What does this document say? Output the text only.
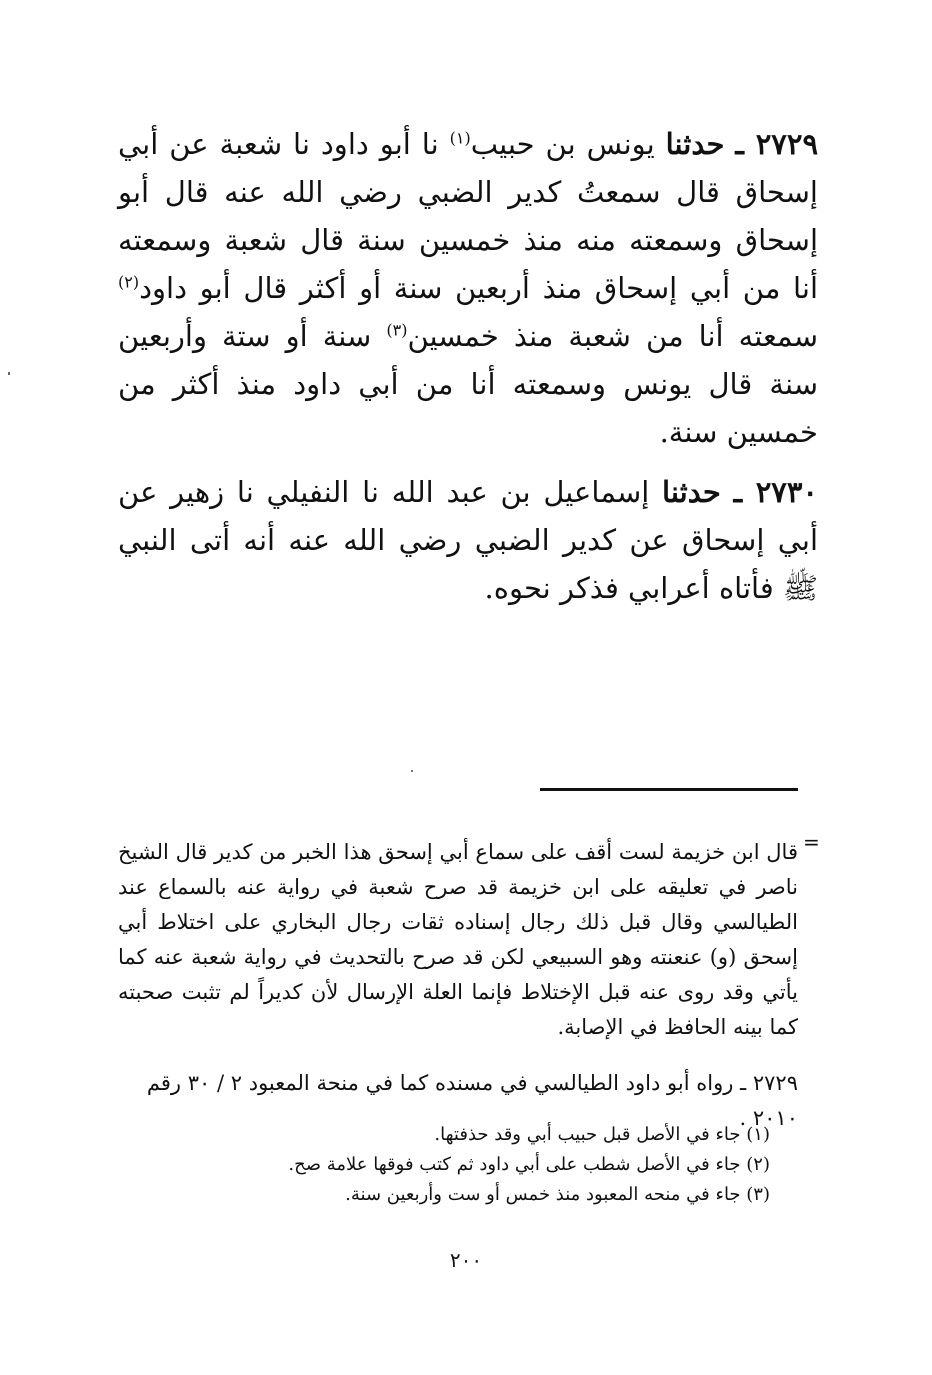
٢٧٢٩ ـ حدثنا يونس بن حبيب$^{(١)}$ نا أبو داود نا شعبة عن أبي إسحاق قال سمعتُ كدير الضبي رضي الله عنه قال أبو إسحاق وسمعته منه منذ خمسين سنة قال شعبة وسمعته أنا من أبي إسحاق منذ أربعين سنة أو أكثر قال أبو داود$^{(٢)}$ سمعته أنا من شعبة منذ خمسين$^{(٣)}$ سنة أو ستة وأربعين سنة قال يونس وسمعته أنا من أبي داود منذ أكثر من خمسين سنة.

٢٧٣٠ ـ حدثنا إسماعيل بن عبد الله نا النفيلي نا زهير عن أبي إسحاق عن كدير الضبي رضي الله عنه أنه أتى النبي ﷺ فأتاه أعرابي فذكر نحوه.

=
قال ابن خزيمة لست أقف على سماع أبي إسحق هذا الخبر من كدير قال الشيخ ناصر في تعليقه على ابن خزيمة قد صرح شعبة في رواية عنه بالسماع عند الطيالسي وقال قبل ذلك رجال إسناده ثقات رجال البخاري على اختلاط أبي إسحق (و) عنعنته وهو السبيعي لكن قد صرح بالتحديث في رواية شعبة عنه كما يأتي وقد روى عنه قبل الإختلاط فإنما العلة الإرسال لأن كديراً لم تثبت صحبته كما بينه الحافظ في الإصابة.
٢٧٢٩ ـ رواه أبو داود الطيالسي في مسنده كما في منحة المعبود ٢ / ٣٠ رقم ٢٠١٠ .
(١) جاء في الأصل قبل حبيب أبي وقد حذفتها.
(٢) جاء في الأصل شطب على أبي داود ثم كتب فوقها علامة صح.
(٣) جاء في منحه المعبود منذ خمس أو ست وأربعين سنة.
٢٠٠
